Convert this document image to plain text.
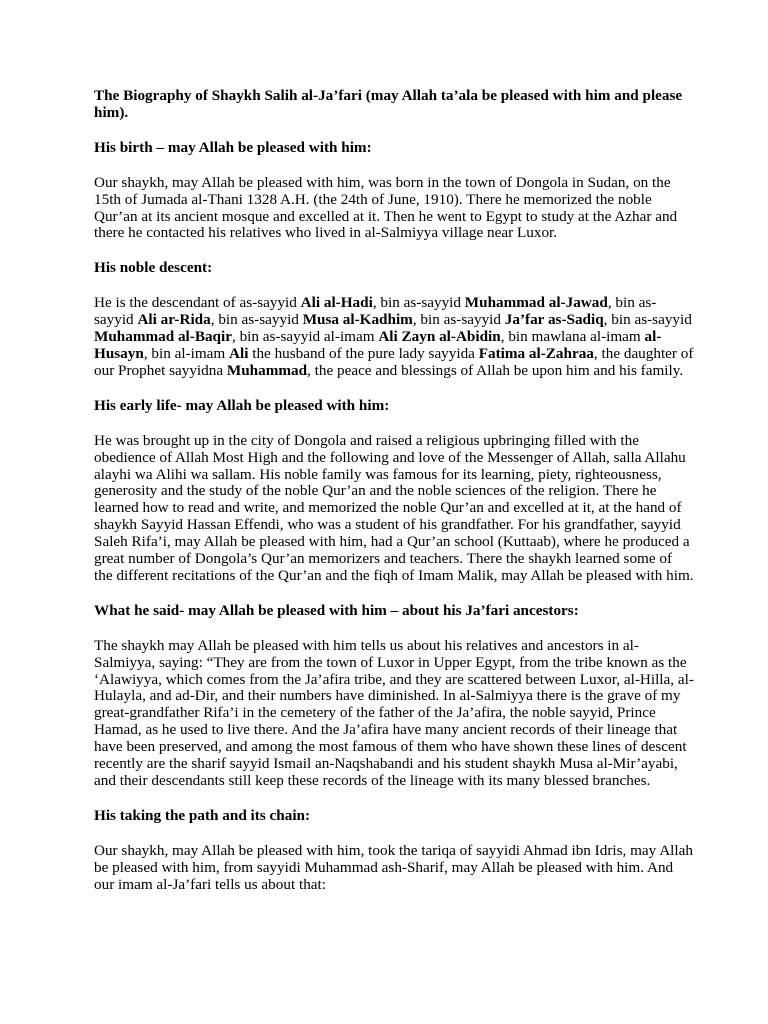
The Biography of Shaykh Salih al-Ja’fari (may Allah ta’ala be pleased with him and please him).

His birth – may Allah be pleased with him:

Our shaykh, may Allah be pleased with him, was born in the town of Dongola in Sudan, on the 15th of Jumada al-Thani 1328 A.H. (the 24th of June, 1910). There he memorized the noble Qur’an at its ancient mosque and excelled at it. Then he went to Egypt to study at the Azhar and there he contacted his relatives who lived in al-Salmiyya village near Luxor.

His noble descent:

He is the descendant of as-sayyid Ali al-Hadi, bin as-sayyid Muhammad al-Jawad, bin as-sayyid Ali ar-Rida, bin as-sayyid Musa al-Kadhim, bin as-sayyid Ja’far as-Sadiq, bin as-sayyid Muhammad al-Baqir, bin as-sayyid al-imam Ali Zayn al-Abidin, bin mawlana al-imam al-Husayn, bin al-imam Ali the husband of the pure lady sayyida Fatima al-Zahraa, the daughter of our Prophet sayyidna Muhammad, the peace and blessings of Allah be upon him and his family.

His early life- may Allah be pleased with him:

He was brought up in the city of Dongola and raised a religious upbringing filled with the obedience of Allah Most High and the following and love of the Messenger of Allah, salla Allahu alayhi wa Alihi wa sallam. His noble family was famous for its learning, piety, righteousness, generosity and the study of the noble Qur’an and the noble sciences of the religion. There he learned how to read and write, and memorized the noble Qur’an and excelled at it, at the hand of shaykh Sayyid Hassan Effendi, who was a student of his grandfather. For his grandfather, sayyid Saleh Rifa’i, may Allah be pleased with him, had a Qur’an school (Kuttaab), where he produced a great number of Dongola’s Qur’an memorizers and teachers. There the shaykh learned some of the different recitations of the Qur’an and the fiqh of Imam Malik, may Allah be pleased with him.

What he said- may Allah be pleased with him – about his Ja’fari ancestors:

The shaykh may Allah be pleased with him tells us about his relatives and ancestors in al-Salmiyya, saying: “They are from the town of Luxor in Upper Egypt, from the tribe known as the ‘Alawiyya, which comes from the Ja’afira tribe, and they are scattered between Luxor, al-Hilla, al-Hulayla, and ad-Dir, and their numbers have diminished. In al-Salmiyya there is the grave of my great-grandfather Rifa’i in the cemetery of the father of the Ja’afira, the noble sayyid, Prince Hamad, as he used to live there. And the Ja’afira have many ancient records of their lineage that have been preserved, and among the most famous of them who have shown these lines of descent recently are the sharif sayyid Ismail an-Naqshabandi and his student shaykh Musa al-Mir’ayabi, and their descendants still keep these records of the lineage with its many blessed branches.

His taking the path and its chain:

Our shaykh, may Allah be pleased with him, took the tariqa of sayyidi Ahmad ibn Idris, may Allah be pleased with him, from sayyidi Muhammad ash-Sharif, may Allah be pleased with him. And our imam al-Ja’fari tells us about that:
